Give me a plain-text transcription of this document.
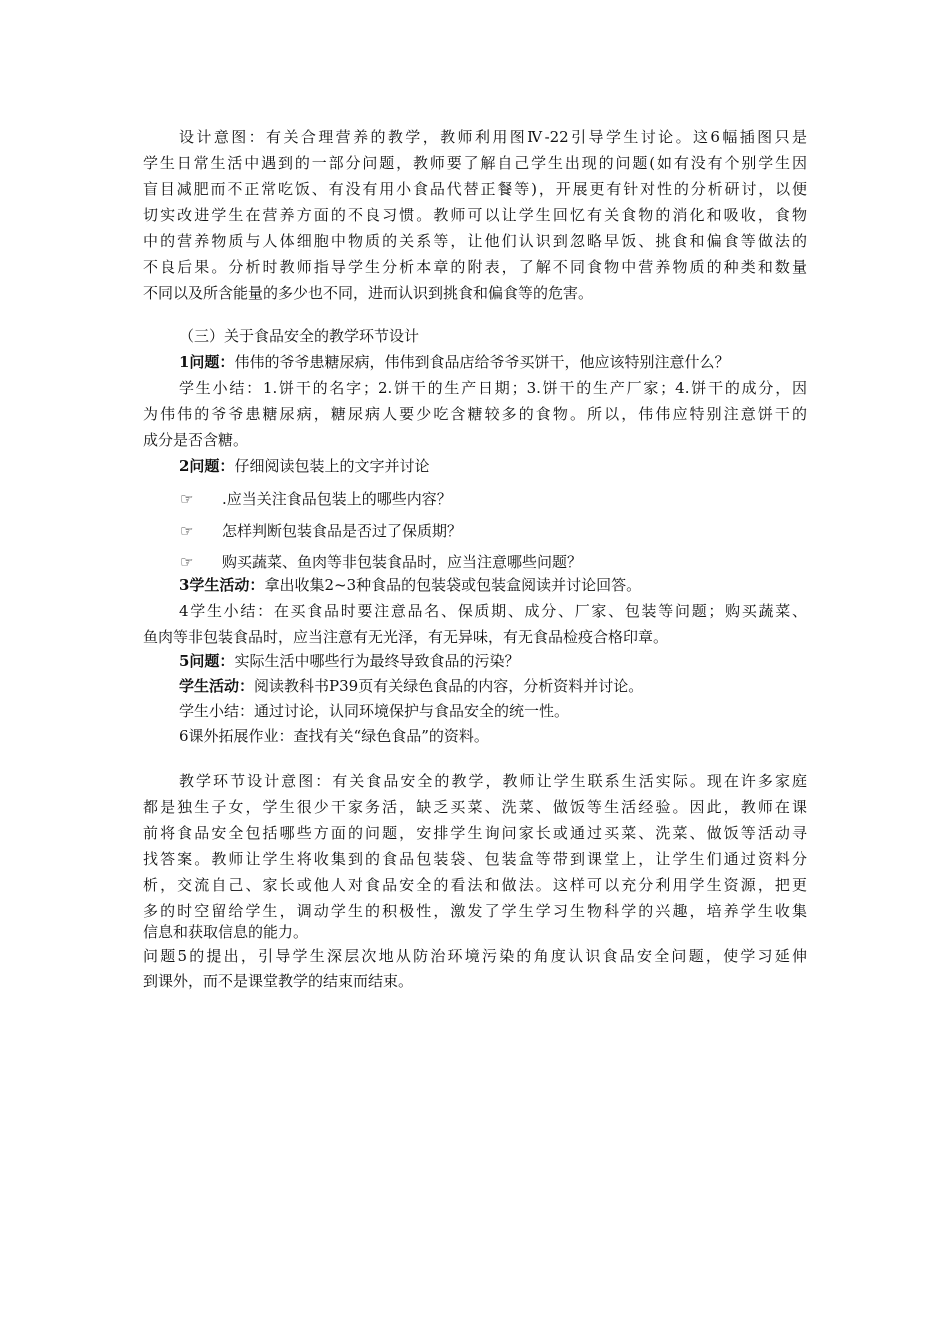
设计意图：有关合理营养的教学，教师利用图Ⅳ-22引导学生讨论。这6幅插图只是
学生日常生活中遇到的一部分问题，教师要了解自己学生出现的问题(如有没有个别学生因
盲目减肥而不正常吃饭、有没有用小食品代替正餐等)，开展更有针对性的分析研讨，以便
切实改进学生在营养方面的不良习惯。教师可以让学生回忆有关食物的消化和吸收，食物
中的营养物质与人体细胞中物质的关系等，让他们认识到忽略早饭、挑食和偏食等做法的
不良后果。分析时教师指导学生分析本章的附表，了解不同食物中营养物质的种类和数量
不同以及所含能量的多少也不同，进而认识到挑食和偏食等的危害。
（三）关于食品安全的教学环节设计
1问题：伟伟的爷爷患糖尿病，伟伟到食品店给爷爷买饼干，他应该特别注意什么？
学生小结：1.饼干的名字；2.饼干的生产日期；3.饼干的生产厂家；4.饼干的成分，因
为伟伟的爷爷患糖尿病，糖尿病人要少吃含糖较多的食物。所以，伟伟应特别注意饼干的
成分是否含糖。
2问题：仔细阅读包装上的文字并讨论
☞ .应当关注食品包装上的哪些内容？
☞ 怎样判断包装食品是否过了保质期？
☞ 购买蔬菜、鱼肉等非包装食品时，应当注意哪些问题？
3学生活动：拿出收集2~3种食品的包装袋或包装盒阅读并讨论回答。
4学生小结：在买食品时要注意品名、保质期、成分、厂家、包装等问题；购买蔬菜、
鱼肉等非包装食品时，应当注意有无光泽，有无异味，有无食品检疫合格印章。
5问题：实际生活中哪些行为最终导致食品的污染？
学生活动：阅读教科书P39页有关绿色食品的内容，分析资料并讨论。
学生小结：通过讨论，认同环境保护与食品安全的统一性。
6课外拓展作业：查找有关“绿色食品”的资料。
教学环节设计意图：有关食品安全的教学，教师让学生联系生活实际。现在许多家庭
都是独生子女，学生很少干家务活，缺乏买菜、洗菜、做饭等生活经验。因此，教师在课
前将食品安全包括哪些方面的问题，安排学生询问家长或通过买菜、洗菜、做饭等活动寻
找答案。教师让学生将收集到的食品包装袋、包装盒等带到课堂上，让学生们通过资料分
析，交流自己、家长或他人对食品安全的看法和做法。这样可以充分利用学生资源，把更
多的时空留给学生，调动学生的积极性，激发了学生学习生物科学的兴趣，培养学生收集
信息和获取信息的能力。
问题5的提出，引导学生深层次地从防治环境污染的角度认识食品安全问题，使学习延伸
到课外，而不是课堂教学的结束而结束。
